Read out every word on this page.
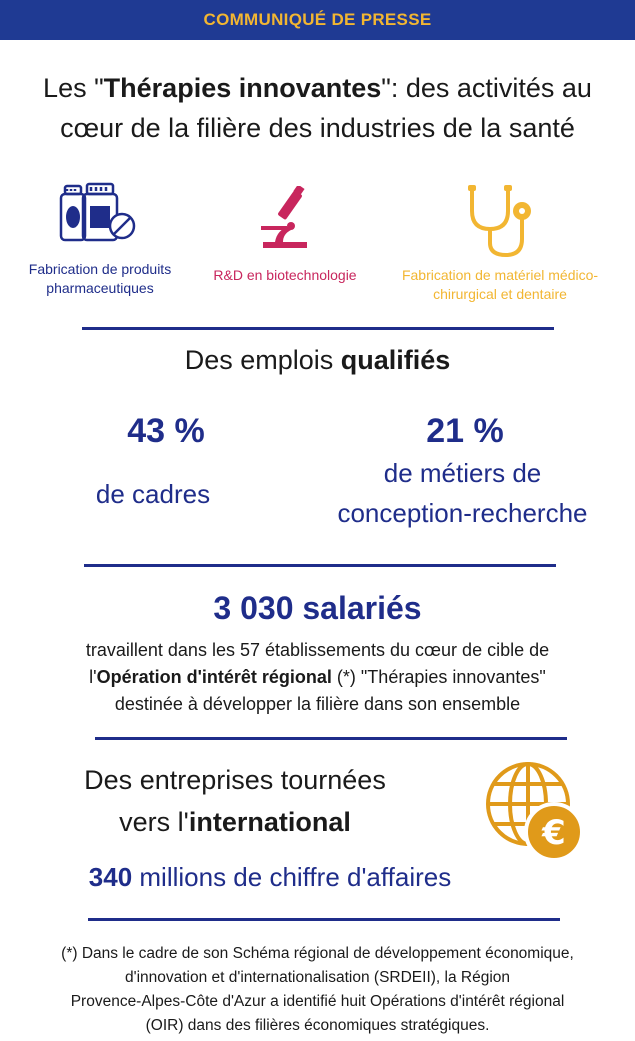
COMMUNIQUÉ DE PRESSE
Les "Thérapies innovantes": des activités au
cœur de la filière des industries de la santé
Fabrication de produits
pharmaceutiques
R&D en biotechnologie	Fabrication de matériel médico-
chirurgical et dentaire
Des emplois qualifiés
43 %
de cadres
21 %
de métiers de
conception-recherche
3 030 salariés
travaillent dans les 57 établissements du cœur de cible de
l'Opération d'intérêt régional (*) "Thérapies innovantes"
destinée à développer la filière dans son ensemble
Des entreprises tournées
vers l'international	€
340 millions de chiffre d'affaires
(*) Dans le cadre de son Schéma régional de développement économique,
d'innovation et d'internationalisation (SRDEII), la Région
Provence-Alpes-Côte d'Azur a identifié huit Opérations d'intérêt régional
(OIR) dans des filières économiques stratégiques.
